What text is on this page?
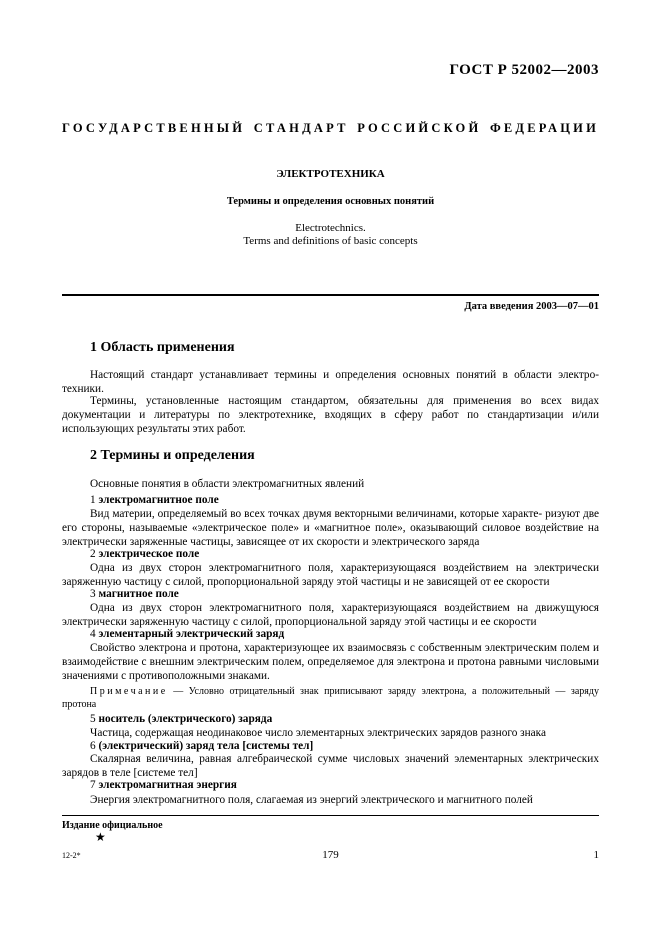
ГОСТ Р 52002—2003
ГОСУДАРСТВЕННЫЙ СТАНДАРТ РОССИЙСКОЙ ФЕДЕРАЦИИ
ЭЛЕКТРОТЕХНИКА
Термины и определения основных понятий
Electrotechnics.
Terms and definitions of basic concepts
Дата введения 2003—07—01
1 Область применения
Настоящий стандарт устанавливает термины и определения основных понятий в области электро- техники.
Термины, установленные настоящим стандартом, обязательны для применения во всех видах документации и литературы по электротехнике, входящих в сферу работ по стандартизации и/или использующих результаты этих работ.
2 Термины и определения
Основные понятия в области электромагнитных явлений
1 электромагнитное поле
Вид материи, определяемый во всех точках двумя векторными величинами, которые характе- ризуют две его стороны, называемые «электрическое поле» и «магнитное поле», оказывающий силовое воздействие на электрически заряженные частицы, зависящее от их скорости и электрического заряда
2 электрическое поле
Одна из двух сторон электромагнитного поля, характеризующаяся воздействием на электрически заряженную частицу с силой, пропорциональной заряду этой частицы и не зависящей от ее скорости
3 магнитное поле
Одна из двух сторон электромагнитного поля, характеризующаяся воздействием на движущуюся электрически заряженную частицу с силой, пропорциональной заряду этой частицы и ее скорости
4 элементарный электрический заряд
Свойство электрона и протона, характеризующее их взаимосвязь с собственным электрическим полем и взаимодействие с внешним электрическим полем, определяемое для электрона и протона равными числовыми значениями с противоположными знаками.
Примечание — Условно отрицательный знак приписывают заряду электрона, а положительный — заряду протона
5 носитель (электрического) заряда
Частица, содержащая неодинаковое число элементарных электрических зарядов разного знака
6 (электрический) заряд тела [системы тел]
Скалярная величина, равная алгебраической сумме числовых значений элементарных электрических зарядов в теле [системе тел]
7 электромагнитная энергия
Энергия электромагнитного поля, слагаемая из энергий электрического и магнитного полей
Издание официальное
★
12-2*	179	1
